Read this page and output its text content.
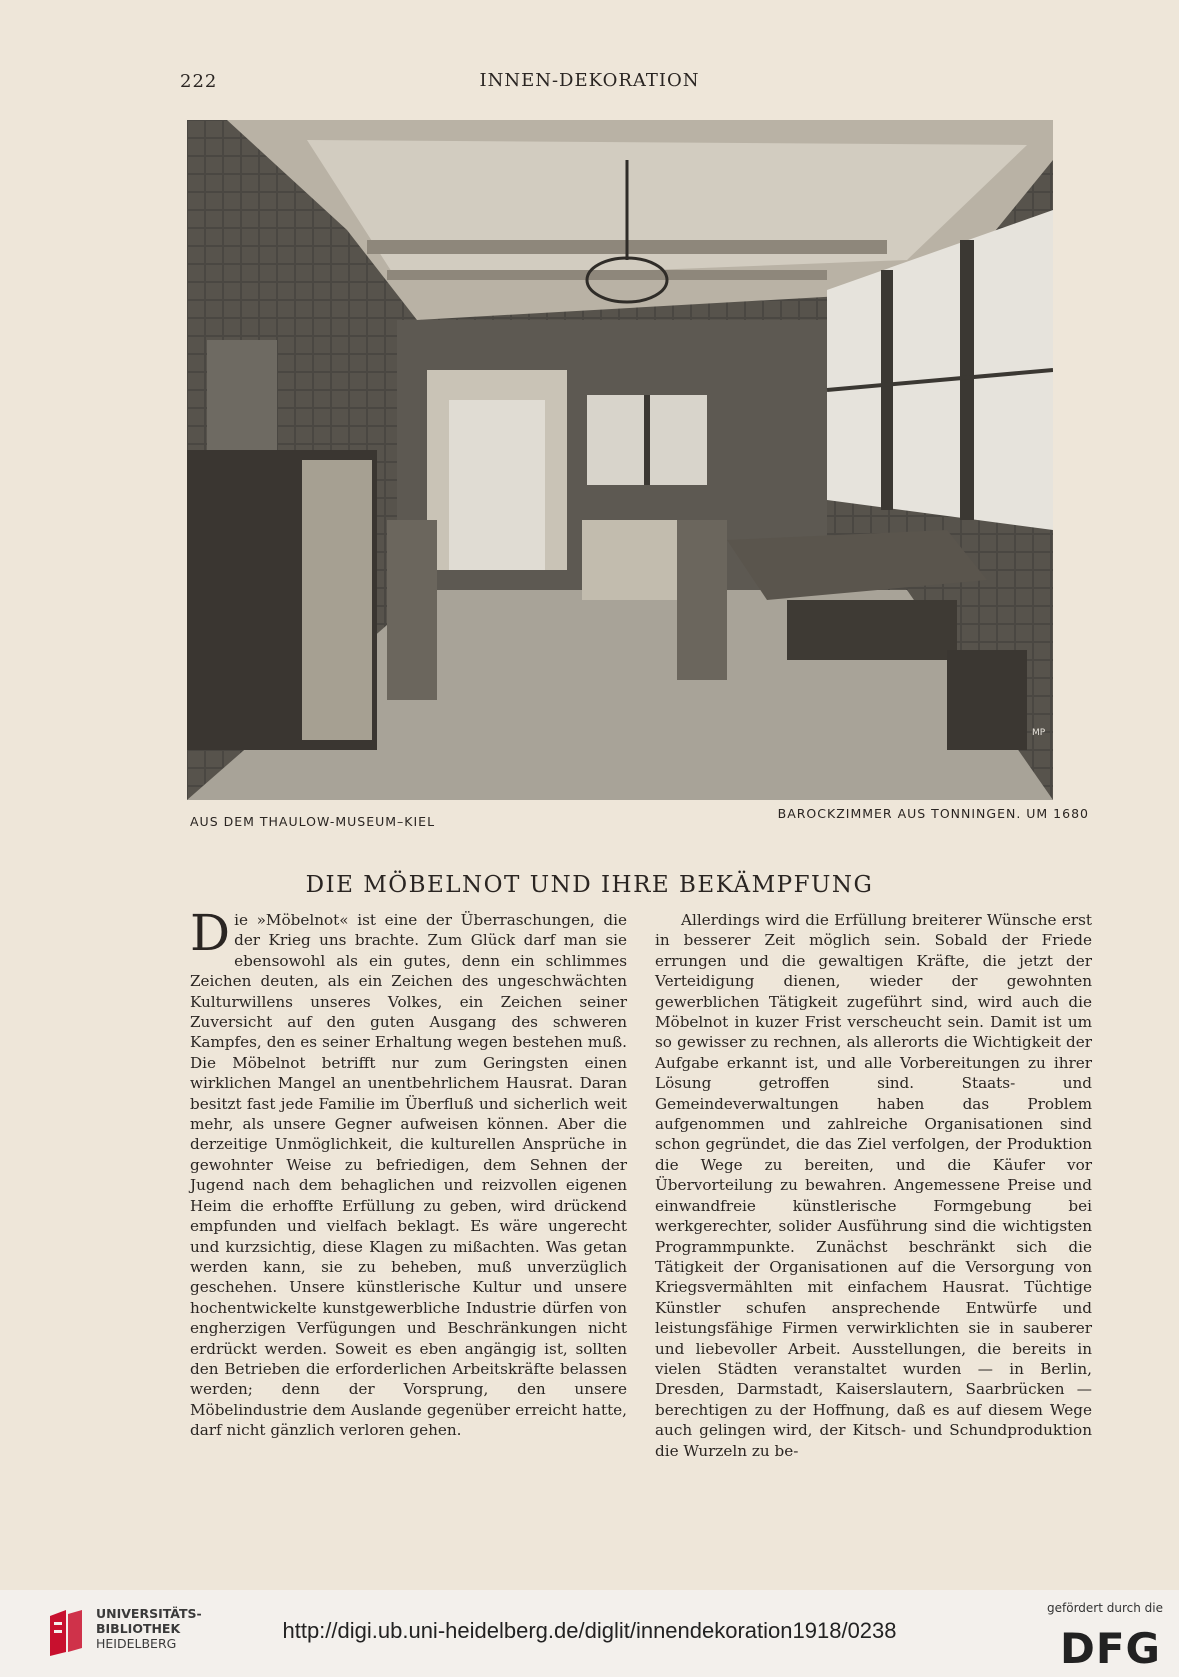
222	INNEN-DEKORATION
MP
AUS DEM THAULOW-MUSEUM–KIEL
BAROCKZIMMER AUS TONNINGEN. UM 1680
DIE MÖBELNOT UND IHRE BEKÄMPFUNG

Die »Möbelnot« ist eine der Überraschungen, die der Krieg uns brachte. Zum Glück darf man sie ebensowohl als ein gutes, denn ein schlimmes Zeichen deuten, als ein Zeichen des ungeschwächten Kulturwillens unseres Volkes, ein Zeichen seiner Zuversicht auf den guten Ausgang des schweren Kampfes, den es seiner Erhaltung wegen bestehen muß. Die Möbelnot betrifft nur zum Geringsten einen wirklichen Mangel an unentbehrlichem Hausrat. Daran besitzt fast jede Familie im Überfluß und sicherlich weit mehr, als unsere Gegner aufweisen können. Aber die derzeitige Unmöglichkeit, die kulturellen Ansprüche in gewohnter Weise zu befriedigen, dem Sehnen der Jugend nach dem behaglichen und reizvollen eigenen Heim die erhoffte Erfüllung zu geben, wird drückend empfunden und vielfach beklagt. Es wäre ungerecht und kurzsichtig, diese Klagen zu mißachten. Was getan werden kann, sie zu beheben, muß unverzüglich geschehen. Unsere künstlerische Kultur und unsere hochentwickelte kunstgewerbliche Industrie dürfen von engherzigen Verfügungen und Beschränkungen nicht erdrückt werden. Soweit es eben angängig ist, sollten den Betrieben die erforderlichen Arbeitskräfte belassen werden; denn der Vorsprung, den unsere Möbelindustrie dem Auslande gegenüber erreicht hatte, darf nicht gänzlich verloren gehen.

Allerdings wird die Erfüllung breiterer Wünsche erst in besserer Zeit möglich sein. Sobald der Friede errungen und die gewaltigen Kräfte, die jetzt der Verteidigung dienen, wieder der gewohnten gewerblichen Tätigkeit zugeführt sind, wird auch die Möbelnot in kuzer Frist verscheucht sein. Damit ist um so gewisser zu rechnen, als allerorts die Wichtigkeit der Aufgabe erkannt ist, und alle Vorbereitungen zu ihrer Lösung getroffen sind. Staats- und Gemeindeverwaltungen haben das Problem aufgenommen und zahlreiche Organisationen sind schon gegründet, die das Ziel verfolgen, der Produktion die Wege zu bereiten, und die Käufer vor Übervorteilung zu bewahren. Angemessene Preise und einwandfreie künstlerische Formgebung bei werkgerechter, solider Ausführung sind die wichtigsten Programmpunkte. Zunächst beschränkt sich die Tätigkeit der Organisationen auf die Versorgung von Kriegsvermählten mit einfachem Hausrat. Tüchtige Künstler schufen ansprechende Entwürfe und leistungsfähige Firmen verwirklichten sie in sauberer und liebevoller Arbeit. Ausstellungen, die bereits in vielen Städten veranstaltet wurden — in Berlin, Dresden, Darmstadt, Kaiserslautern, Saarbrücken — berechtigen zu der Hoffnung, daß es auf diesem Wege auch gelingen wird, der Kitsch- und Schundproduktion die Wurzeln zu be-

UNIVERSITÄTS-
BIBLIOTHEK
HEIDELBERG
http://digi.ub.uni-heidelberg.de/diglit/innendekoration1918/0238
gefördert durch die
DFG
